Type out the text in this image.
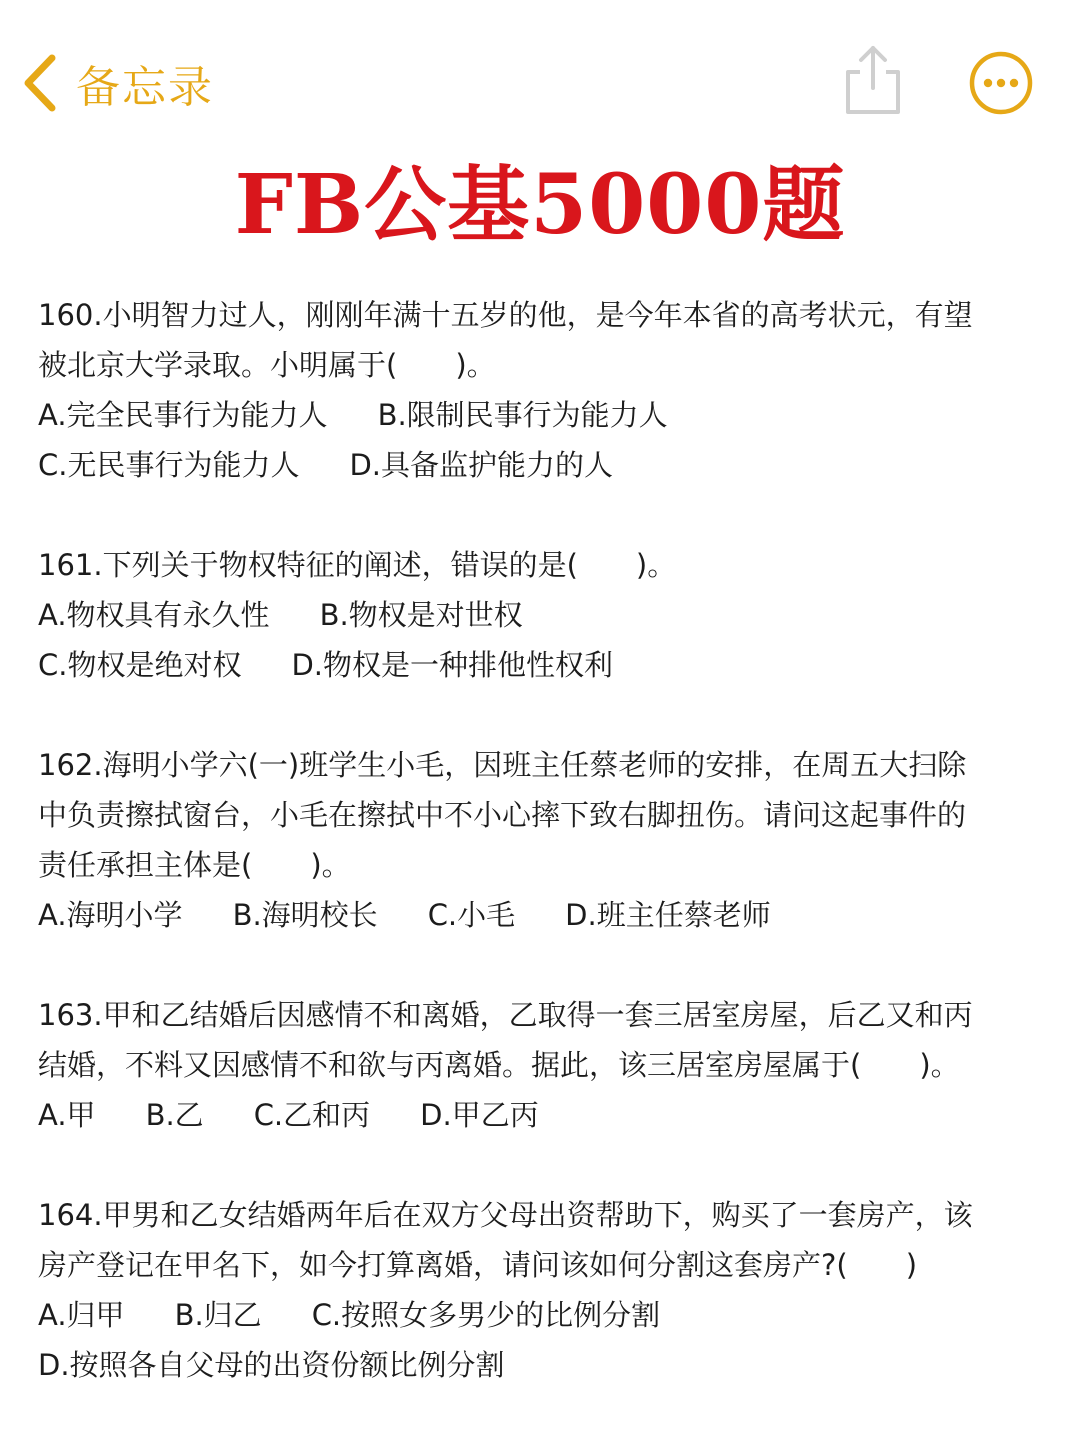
备忘录
FB公基5000题
160.小明智力过人，刚刚年满十五岁的他，是今年本省的高考状元，有望
被北京大学录取。小明属于(　　)。
A.完全民事行为能力人 B.限制民事行为能力人
C.无民事行为能力人 D.具备监护能力的人
161.下列关于物权特征的阐述，错误的是(　　)。
A.物权具有永久性 B.物权是对世权
C.物权是绝对权 D.物权是一种排他性权利
162.海明小学六(一)班学生小毛，因班主任蔡老师的安排，在周五大扫除
中负责擦拭窗台，小毛在擦拭中不小心摔下致右脚扭伤。请问这起事件的
责任承担主体是(　　)。
A.海明小学 B.海明校长 C.小毛 D.班主任蔡老师
163.甲和乙结婚后因感情不和离婚，乙取得一套三居室房屋，后乙又和丙
结婚，不料又因感情不和欲与丙离婚。据此，该三居室房屋属于(　　)。
A.甲 B.乙 C.乙和丙 D.甲乙丙
164.甲男和乙女结婚两年后在双方父母出资帮助下，购买了一套房产，该
房产登记在甲名下，如今打算离婚，请问该如何分割这套房产?(　　)
A.归甲 B.归乙 C.按照女多男少的比例分割
D.按照各自父母的出资份额比例分割
